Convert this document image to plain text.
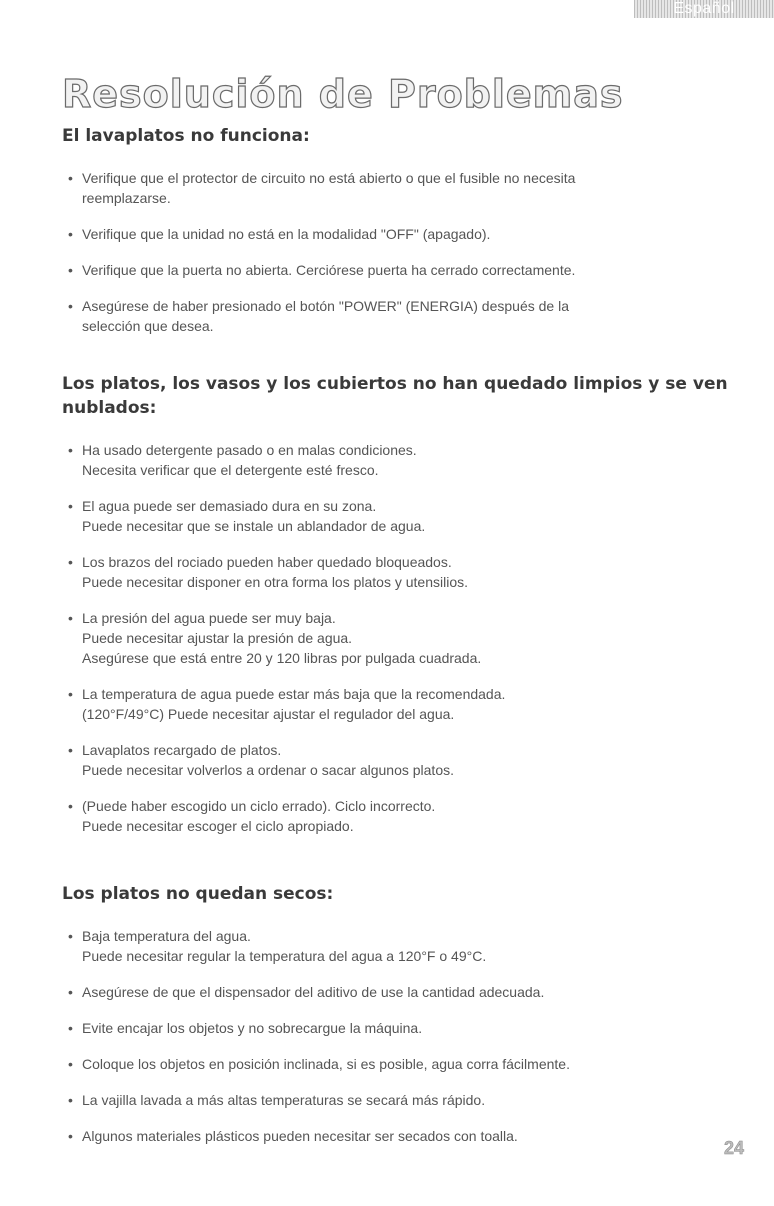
Español
Resolución de Problemas
El lavaplatos no funciona:
• Verifique que el protector de circuito no está abierto o que el fusible no necesita
reemplazarse.
• Verifique que la unidad no está en la modalidad "OFF" (apagado).
• Verifique que la puerta no abierta. Cerciórese puerta ha cerrado correctamente.
• Asegúrese de haber presionado el botón "POWER" (ENERGIA) después de la
selección que desea.
Los platos, los vasos y los cubiertos no han quedado limpios y se ven nublados:
• Ha usado detergente pasado o en malas condiciones.
Necesita verificar que el detergente esté fresco.
• El agua puede ser demasiado dura en su zona.
Puede necesitar que se instale un ablandador de agua.
• Los brazos del rociado pueden haber quedado bloqueados.
Puede necesitar disponer en otra forma los platos y utensilios.
• La presión del agua puede ser muy baja.
Puede necesitar ajustar la presión de agua.
Asegúrese que está entre 20 y 120 libras por pulgada cuadrada.
• La temperatura de agua puede estar más baja que la recomendada.
(120°F/49°C) Puede necesitar ajustar el regulador del agua.
• Lavaplatos recargado de platos.
Puede necesitar volverlos a ordenar o sacar algunos platos.
• (Puede haber escogido un ciclo errado). Ciclo incorrecto.
Puede necesitar escoger el ciclo apropiado.
Los platos no quedan secos:
• Baja temperatura del agua.
Puede necesitar regular la temperatura del agua a 120°F o 49°C.
• Asegúrese de que el dispensador del aditivo de use la cantidad adecuada.
• Evite encajar los objetos y no sobrecargue la máquina.
• Coloque los objetos en posición inclinada, si es posible, agua corra fácilmente.
• La vajilla lavada a más altas temperaturas se secará más rápido.
• Algunos materiales plásticos pueden necesitar ser secados con toalla.
24
